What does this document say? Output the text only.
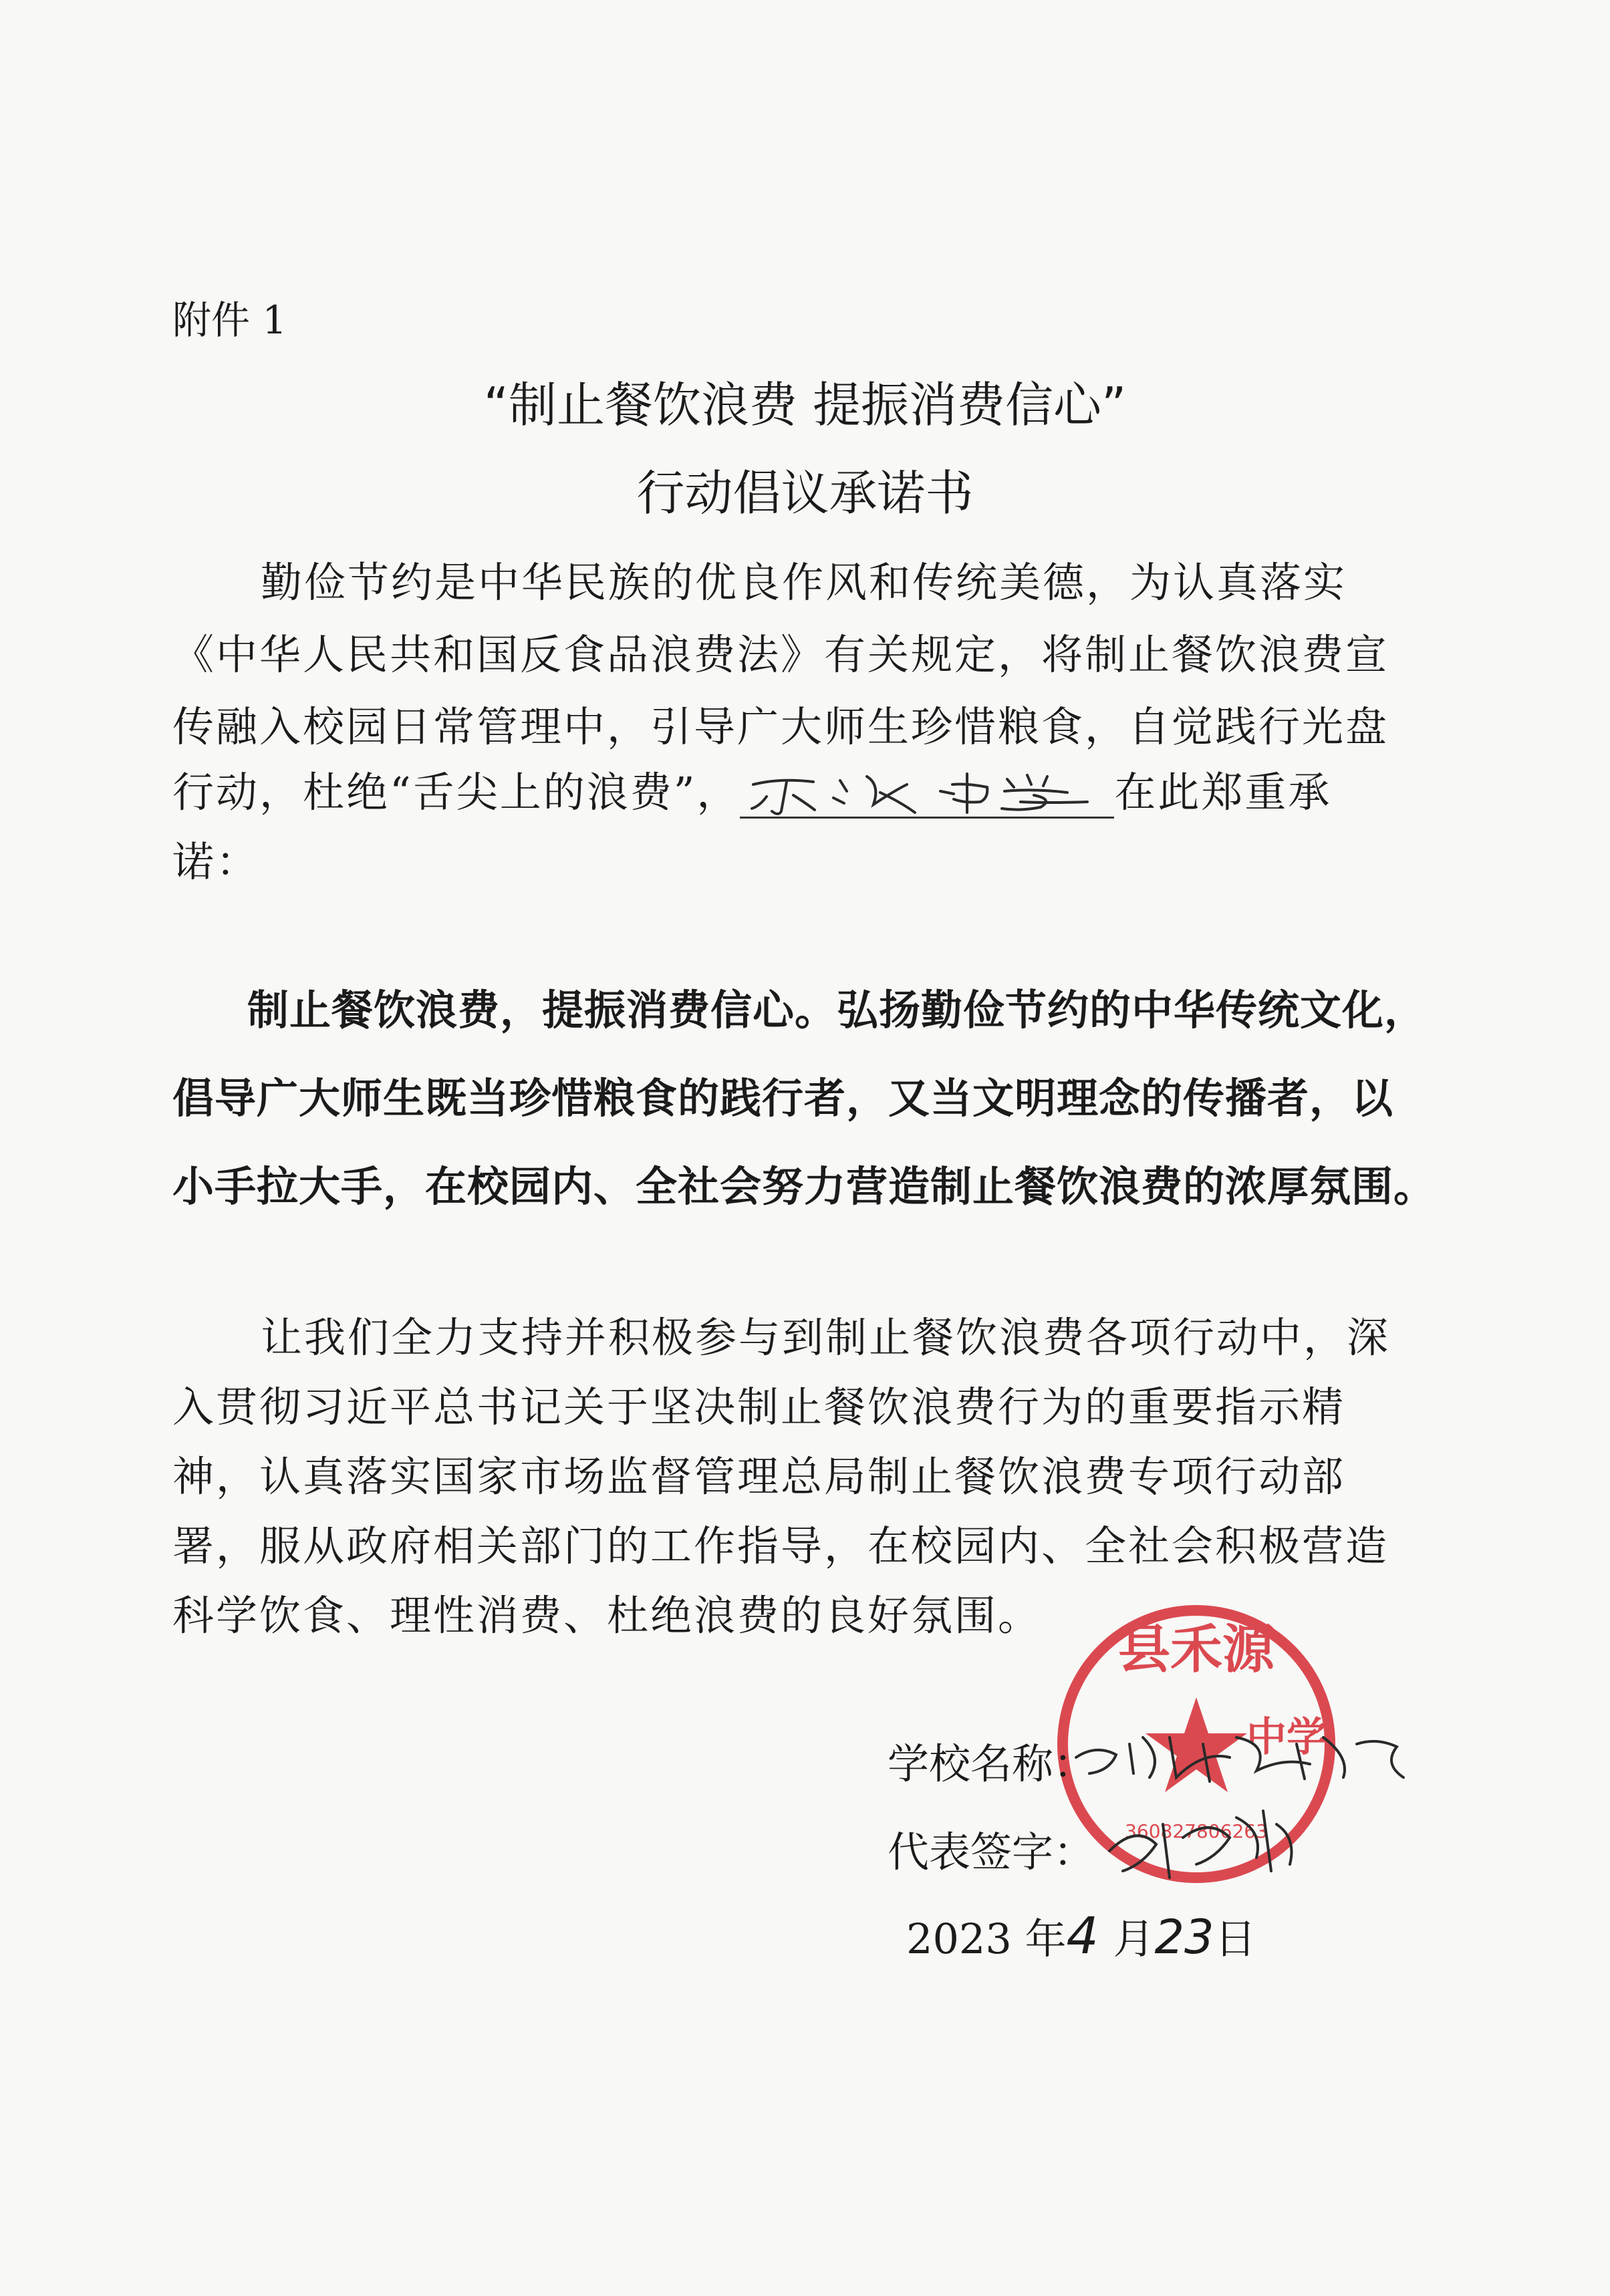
附件 1
“制止餐饮浪费 提振消费信心”
行动倡议承诺书
勤俭节约是中华民族的优良作风和传统美德，为认真落实
《中华人民共和国反食品浪费法》有关规定，将制止餐饮浪费宣
传融入校园日常管理中，引导广大师生珍惜粮食，自觉践行光盘
行动，杜绝“舌尖上的浪费”，	在此郑重承
诺：
制止餐饮浪费，提振消费信心。弘扬勤俭节约的中华传统文化，
倡导广大师生既当珍惜粮食的践行者，又当文明理念的传播者，以
小手拉大手，在校园内、全社会努力营造制止餐饮浪费的浓厚氛围。
让我们全力支持并积极参与到制止餐饮浪费各项行动中，深
入贯彻习近平总书记关于坚决制止餐饮浪费行为的重要指示精
神，认真落实国家市场监督管理总局制止餐饮浪费专项行动部
署，服从政府相关部门的工作指导，在校园内、全社会积极营造
科学饮食、理性消费、杜绝浪费的良好氛围。
县禾源
中学
360827806263
学校名称：
代表签字：
2023 年4 月23日
